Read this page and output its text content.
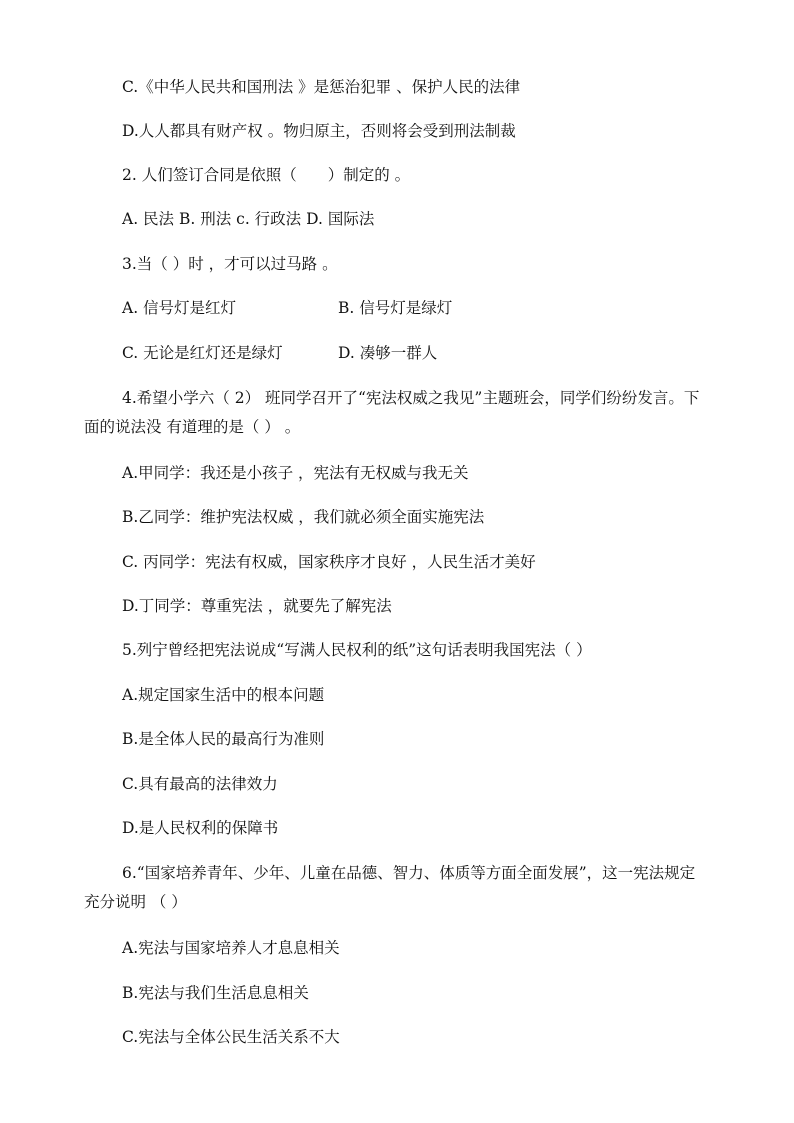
C.《中华人民共和国刑法 》是惩治犯罪 、保护人民的法律
D.人人都具有财产权 。物归原主，否则将会受到刑法制裁
2. 人们签订合同是依照（　　）制定的 。
A. 民法 B. 刑法 c. 行政法 D. 国际法
3.当（ ）时 ，才可以过马路 。
A. 信号灯是红灯	B. 信号灯是绿灯
C. 无论是红灯还是绿灯	D. 凑够一群人
4.希望小学六（ 2） 班同学召开了“宪法权威之我见”主题班会，同学们纷纷发言。下面的说法没 有道理的是（ ） 。
A.甲同学：我还是小孩子 ，宪法有无权威与我无关
B.乙同学：维护宪法权威 ，我们就必须全面实施宪法
C. 丙同学：宪法有权威，国家秩序才良好 ，人民生活才美好
D.丁同学：尊重宪法 ，就要先了解宪法
5.列宁曾经把宪法说成“写满人民权利的纸”这句话表明我国宪法（ ）
A.规定国家生活中的根本问题
B.是全体人民的最高行为准则
C.具有最高的法律效力
D.是人民权利的保障书
6.“国家培养青年、少年、儿童在品德、智力、体质等方面全面发展”，这一宪法规定充分说明 （ ）
A.宪法与国家培养人才息息相关
B.宪法与我们生活息息相关
C.宪法与全体公民生活关系不大
